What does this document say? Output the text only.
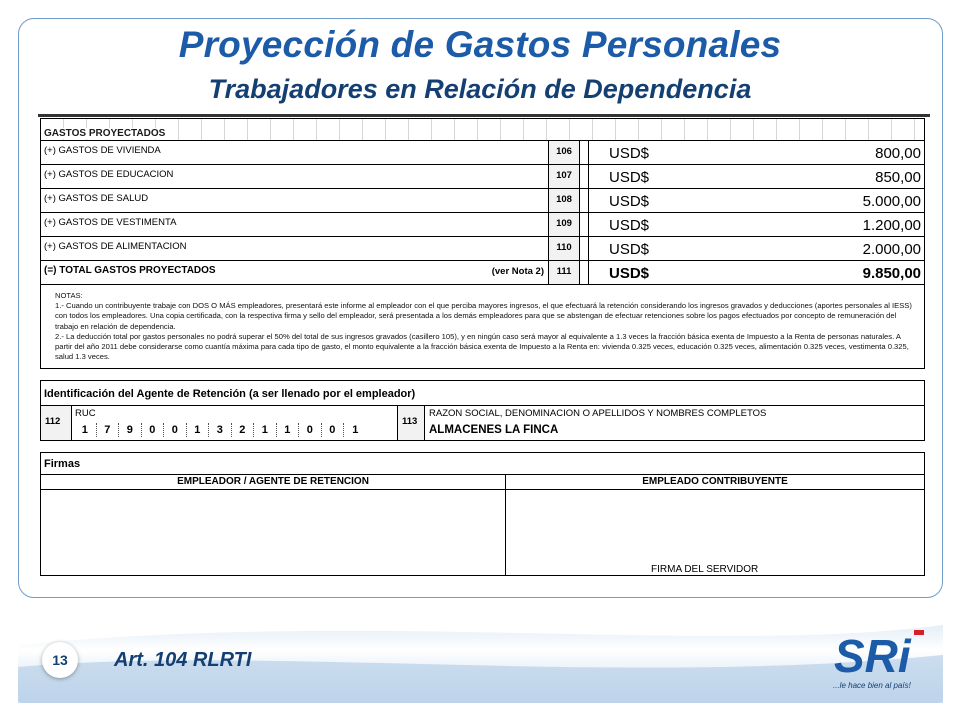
Proyección de Gastos Personales
Trabajadores en Relación de Dependencia
GASTOS PROYECTADOS
(+) GASTOS DE VIVIENDA	106	USD$	800,00
(+) GASTOS DE EDUCACION	107	USD$	850,00
(+) GASTOS DE SALUD	108	USD$	5.000,00
(+) GASTOS DE VESTIMENTA	109	USD$	1.200,00
(+) GASTOS DE ALIMENTACION	110	USD$	2.000,00
(=) TOTAL GASTOS PROYECTADOS	(ver Nota 2)	111	USD$	9.850,00

NOTAS:

1.- Cuando un contribuyente trabaje con DOS O MÁS empleadores, presentará este informe al empleador con el que perciba mayores ingresos, el que efectuará la retención considerando los ingresos gravados y deducciones (aportes personales al IESS) con todos los empleadores. Una copia certificada, con la respectiva firma y sello del empleador, será presentada a los demás empleadores para que se abstengan de efectuar retenciones sobre los pagos efectuados por concepto de remuneración del trabajo en relación de dependencia.

2.- La deducción total por gastos personales no podrá superar el 50% del total de sus ingresos gravados (casillero 105), y en ningún caso será mayor al equivalente a 1.3 veces la fracción básica exenta de Impuesto a la Renta de personas naturales. A partir del año 2011 debe considerarse como cuantía máxima para cada tipo de gasto, el monto equivalente a la fracción básica exenta de Impuesto a la Renta en: vivienda 0.325 veces, educación 0.325 veces, alimentación 0.325 veces, vestimenta 0.325, salud 1.3 veces.

Identificación del Agente de Retención (a ser llenado por el empleador)
112
RUC
1	7	9	0	0	1	3	2	1	1	0	0	1
113
RAZON SOCIAL, DENOMINACION O APELLIDOS Y NOMBRES COMPLETOS
ALMACENES LA FINCA
Firmas
EMPLEADOR / AGENTE DE RETENCION	EMPLEADO CONTRIBUYENTE
FIRMA DEL SERVIDOR
13	Art. 104 RLRTI	SRi
...le hace bien al país!
